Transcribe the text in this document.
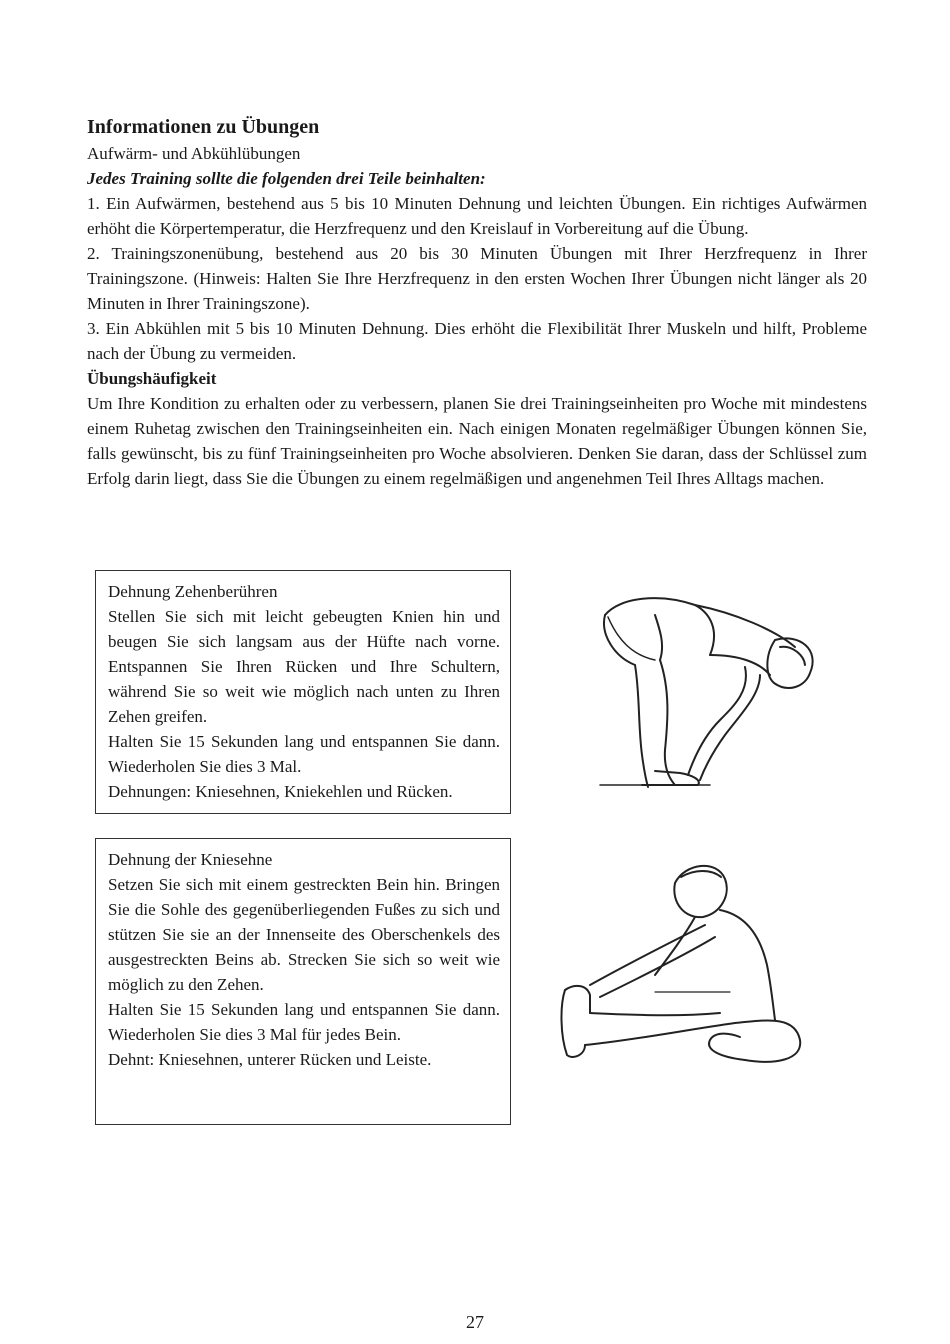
Informationen zu Übungen

Aufwärm- und Abkühlübungen

Jedes Training sollte die folgenden drei Teile beinhalten:

1. Ein Aufwärmen, bestehend aus 5 bis 10 Minuten Dehnung und leichten Übungen. Ein richtiges Aufwärmen erhöht die Körpertemperatur, die Herzfrequenz und den Kreislauf in Vorbereitung auf die Übung.

2. Trainingszonenübung, bestehend aus 20 bis 30 Minuten Übungen mit Ihrer Herzfrequenz in Ihrer Trainingszone. (Hinweis: Halten Sie Ihre Herzfrequenz in den ersten Wochen Ihrer Übungen nicht länger als 20 Minuten in Ihrer Trainingszone).

3. Ein Abkühlen mit 5 bis 10 Minuten Dehnung. Dies erhöht die Flexibilität Ihrer Muskeln und hilft, Probleme nach der Übung zu vermeiden.

Übungshäufigkeit

Um Ihre Kondition zu erhalten oder zu verbessern, planen Sie drei Trainingseinheiten pro Woche mit mindestens einem Ruhetag zwischen den Trainingseinheiten ein. Nach einigen Monaten regelmäßiger Übungen können Sie, falls gewünscht, bis zu fünf Trainingseinheiten pro Woche absolvieren. Denken Sie daran, dass der Schlüssel zum Erfolg darin liegt, dass Sie die Übungen zu einem regelmäßigen und angenehmen Teil Ihres Alltags machen.

Dehnung Zehenberühren

Stellen Sie sich mit leicht gebeugten Knien hin und beugen Sie sich langsam aus der Hüfte nach vorne. Entspannen Sie Ihren Rücken und Ihre Schultern, während Sie so weit wie möglich nach unten zu Ihren Zehen greifen.

Halten Sie 15 Sekunden lang und entspannen Sie dann. Wiederholen Sie dies 3 Mal.

Dehnungen: Kniesehnen, Kniekehlen und Rücken.

Dehnung der Kniesehne

Setzen Sie sich mit einem gestreckten Bein hin. Bringen Sie die Sohle des gegenüberliegenden Fußes zu sich und stützen Sie sie an der Innenseite des Oberschenkels des ausgestreckten Beins ab. Strecken Sie sich so weit wie möglich zu den Zehen.

Halten Sie 15 Sekunden lang und entspannen Sie dann. Wiederholen Sie dies 3 Mal für jedes Bein.

Dehnt: Kniesehnen, unterer Rücken und Leiste.

27
